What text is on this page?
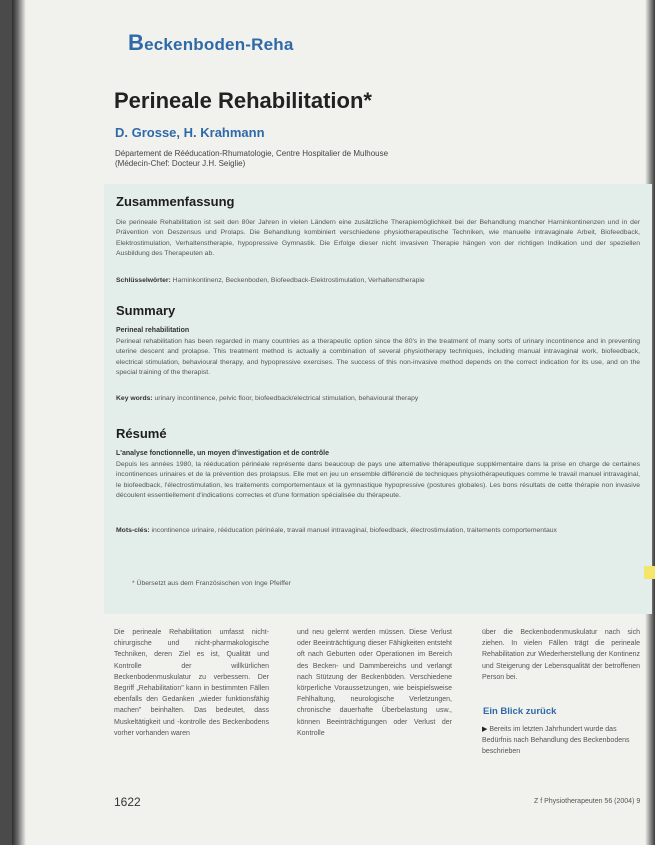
Beckenboden-Reha
Perineale Rehabilitation*
D. Grosse, H. Krahmann
Département de Rééducation-Rhumatologie, Centre Hospitalier de Mulhouse
(Médecin-Chef: Docteur J.H. Seiglie)
Zusammenfassung
Die perineale Rehabilitation ist seit den 80er Jahren in vielen Ländern eine zusätzliche Therapiemöglichkeit bei der Behandlung mancher Harninkontinenzen und in der Prävention von Deszensus und Prolaps. Die Behandlung kombiniert verschiedene physiotherapeutische Techniken, wie manuelle intravaginale Arbeit, Biofeedback, Elektrostimulation, Verhaltenstherapie, hypopressive Gymnastik. Die Erfolge dieser nicht invasiven Therapie hängen von der richtigen Indikation und der speziellen Ausbildung des Therapeuten ab.
Schlüsselwörter: Harninkontinenz, Beckenboden, Biofeedback-Elektrostimulation, Verhaltenstherapie
Summary
Perineal rehabilitation
Perineal rehabilitation has been regarded in many countries as a therapeutic option since the 80's in the treatment of many sorts of urinary incontinence and in preventing uterine descent and prolapse. This treatment method is actually a combination of several physiotherapy techniques, including manual intravaginal work, biofeedback, electrical stimulation, behavioural therapy, and hypopressive exercises. The success of this non-invasive method depends on the correct indication for its use, and on the special training of the therapist.
Key words: urinary incontinence, pelvic floor, biofeedback/electrical stimulation, behavioural therapy
Résumé
L'analyse fonctionnelle, un moyen d'investigation et de contrôle
Depuis les années 1980, la rééducation périnéale représente dans beaucoup de pays une alternative thérapeutique supplémentaire dans la prise en charge de certaines incontinences urinaires et de la prévention des prolapsus. Elle met en jeu un ensemble différencié de techniques physiothérapeutiques comme le travail manuel intravaginal, le biofeedback, l'électrostimulation, les traitements comportementaux et la gymnastique hypopressive (postures globales). Les bons résultats de cette thérapie non invasive découlent essentiellement d'indications correctes et d'une formation spécialisée du thérapeute.
Mots-clés: incontinence urinaire, rééducation périnéale, travail manuel intravaginal, biofeedback, électrostimulation, traitements comportementaux
* Übersetzt aus dem Französischen von Inge Pfeiffer
Die perineale Rehabilitation umfasst nicht-chirurgische und nicht-pharmakologische Techniken, deren Ziel es ist, Qualität und Kontrolle der willkürlichen Beckenbodenmuskulatur zu verbessern. Der Begriff „Rehabilitation" kann in bestimmten Fällen ebenfalls den Gedanken „wieder funktionsfähig machen" beinhalten. Das bedeutet, dass Muskeltätigkeit und -kontrolle des Beckenbodens vorher vorhanden waren
und neu gelernt werden müssen. Diese Verlust oder Beeinträchtigung dieser Fähigkeiten entsteht oft nach Geburten oder Operationen im Bereich des Becken- und Dammbereichs und verlangt nach Stützung der Beckenböden. Verschiedene körperliche Voraussetzungen, wie beispielsweise Fehlhaltung, neurologische Verletzungen, chronische dauerhafte Überbelastung usw., können Beeinträchtigungen oder Verlust der Kontrolle
über die Beckenbodenmuskulatur nach sich ziehen. In vielen Fällen trägt die perineale Rehabilitation zur Wiederherstellung der Kontinenz und Steigerung der Lebensqualität der betroffenen Person bei.
Ein Blick zurück
▶ Bereits im letzten Jahrhundert wurde das Bedürfnis nach Behandlung des Beckenbodens beschrieben
1622	Z f Physiotherapeuten 56 (2004) 9
